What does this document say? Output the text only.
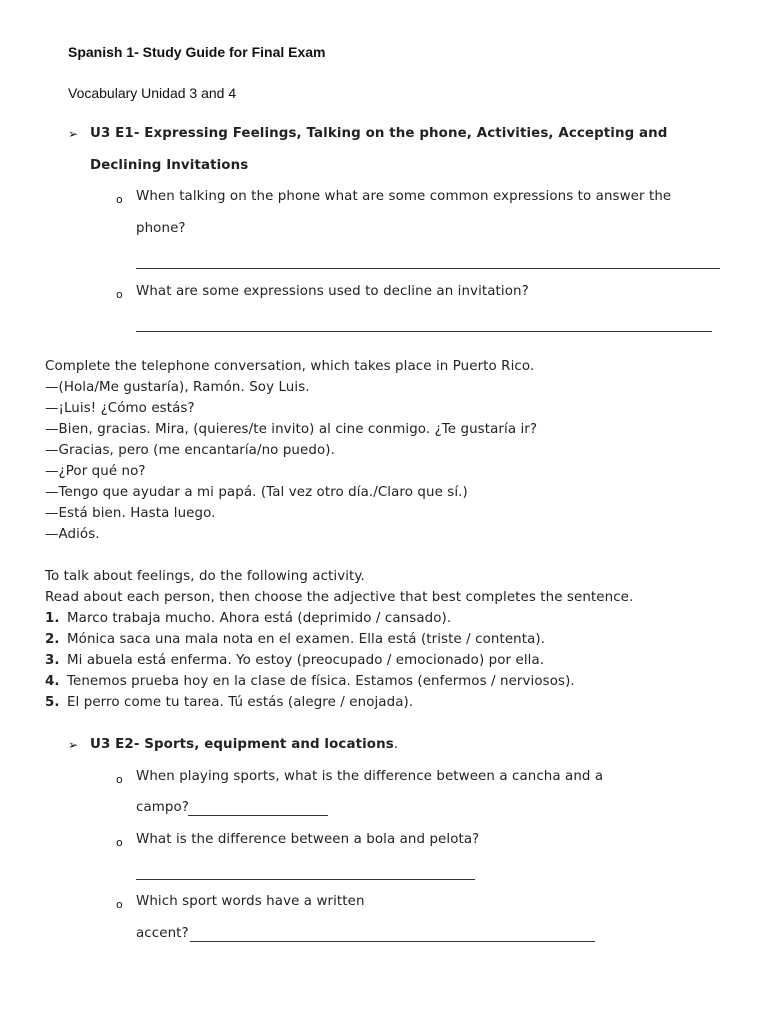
Spanish 1- Study Guide for Final Exam
Vocabulary Unidad 3 and 4
➢ U3 E1- Expressing Feelings, Talking on the phone, Activities, Accepting and
Declining Invitations
o When talking on the phone what are some common expressions to answer the
phone?
o What are some expressions used to decline an invitation?
Complete the telephone conversation, which takes place in Puerto Rico.
—(Hola/Me gustaría), Ramón. Soy Luis.
—¡Luis! ¿Cómo estás?
—Bien, gracias. Mira, (quieres/te invito) al cine conmigo. ¿Te gustaría ir?
—Gracias, pero (me encantaría/no puedo).
—¿Por qué no?
—Tengo que ayudar a mi papá. (Tal vez otro día./Claro que sí.)
—Está bien. Hasta luego.
—Adiós.
To talk about feelings, do the following activity.
Read about each person, then choose the adjective that best completes the sentence.
1. Marco trabaja mucho. Ahora está (deprimido / cansado).
2. Mónica saca una mala nota en el examen. Ella está (triste / contenta).
3. Mi abuela está enferma. Yo estoy (preocupado / emocionado) por ella.
4. Tenemos prueba hoy en la clase de física. Estamos (enfermos / nerviosos).
5. El perro come tu tarea. Tú estás (alegre / enojada).
➢ U3 E2- Sports, equipment and locations.
o When playing sports, what is the difference between a cancha and a
campo?
o What is the difference between a bola and pelota?
o Which sport words have a written
accent?
